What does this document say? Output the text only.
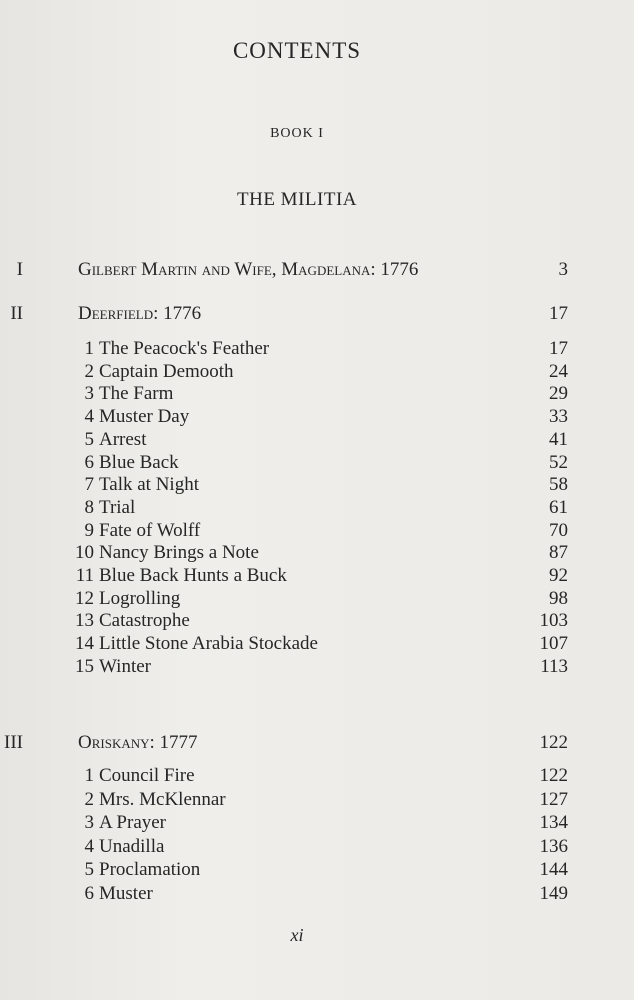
CONTENTS
BOOK I
THE MILITIA
I	Gilbert Martin and Wife, Magdelana: 1776	3
II	Deerfield: 1776	17
1 The Peacock's Feather	17
2 Captain Demooth	24
3 The Farm	29
4 Muster Day	33
5 Arrest	41
6 Blue Back	52
7 Talk at Night	58
8 Trial	61
9 Fate of Wolff	70
10 Nancy Brings a Note	87
11 Blue Back Hunts a Buck	92
12 Logrolling	98
13 Catastrophe	103
14 Little Stone Arabia Stockade	107
15 Winter	113
III	Oriskany: 1777	122
1 Council Fire	122
2 Mrs. McKlennar	127
3 A Prayer	134
4 Unadilla	136
5 Proclamation	144
6 Muster	149
xi
